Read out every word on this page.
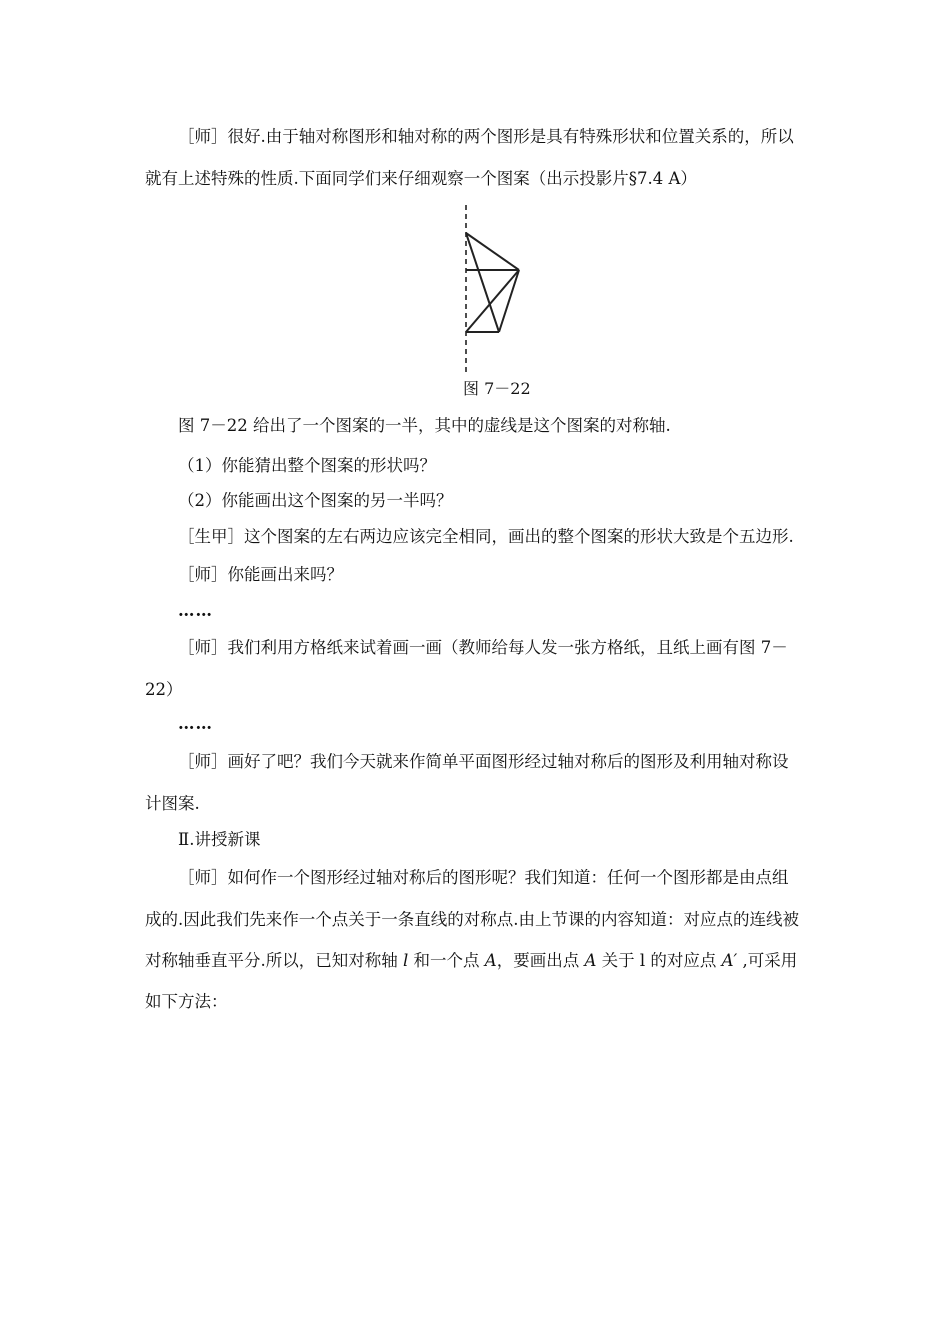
［师］很好.由于轴对称图形和轴对称的两个图形是具有特殊形状和位置关系的，所以

就有上述特殊的性质.下面同学们来仔细观察一个图案（出示投影片§7.4 A）

图 7－22

图 7－22 给出了一个图案的一半，其中的虚线是这个图案的对称轴.

（1）你能猜出整个图案的形状吗？

（2）你能画出这个图案的另一半吗？

［生甲］这个图案的左右两边应该完全相同，画出的整个图案的形状大致是个五边形.

［师］你能画出来吗？

……

［师］我们利用方格纸来试着画一画（教师给每人发一张方格纸，且纸上画有图 7－

22）

……

［师］画好了吧？我们今天就来作简单平面图形经过轴对称后的图形及利用轴对称设

计图案.

Ⅱ.讲授新课

［师］如何作一个图形经过轴对称后的图形呢？我们知道：任何一个图形都是由点组

成的.因此我们先来作一个点关于一条直线的对称点.由上节课的内容知道：对应点的连线被

对称轴垂直平分.所以，已知对称轴 l 和一个点 A，要画出点 A 关于 l 的对应点 A′ ,可采用

如下方法：
